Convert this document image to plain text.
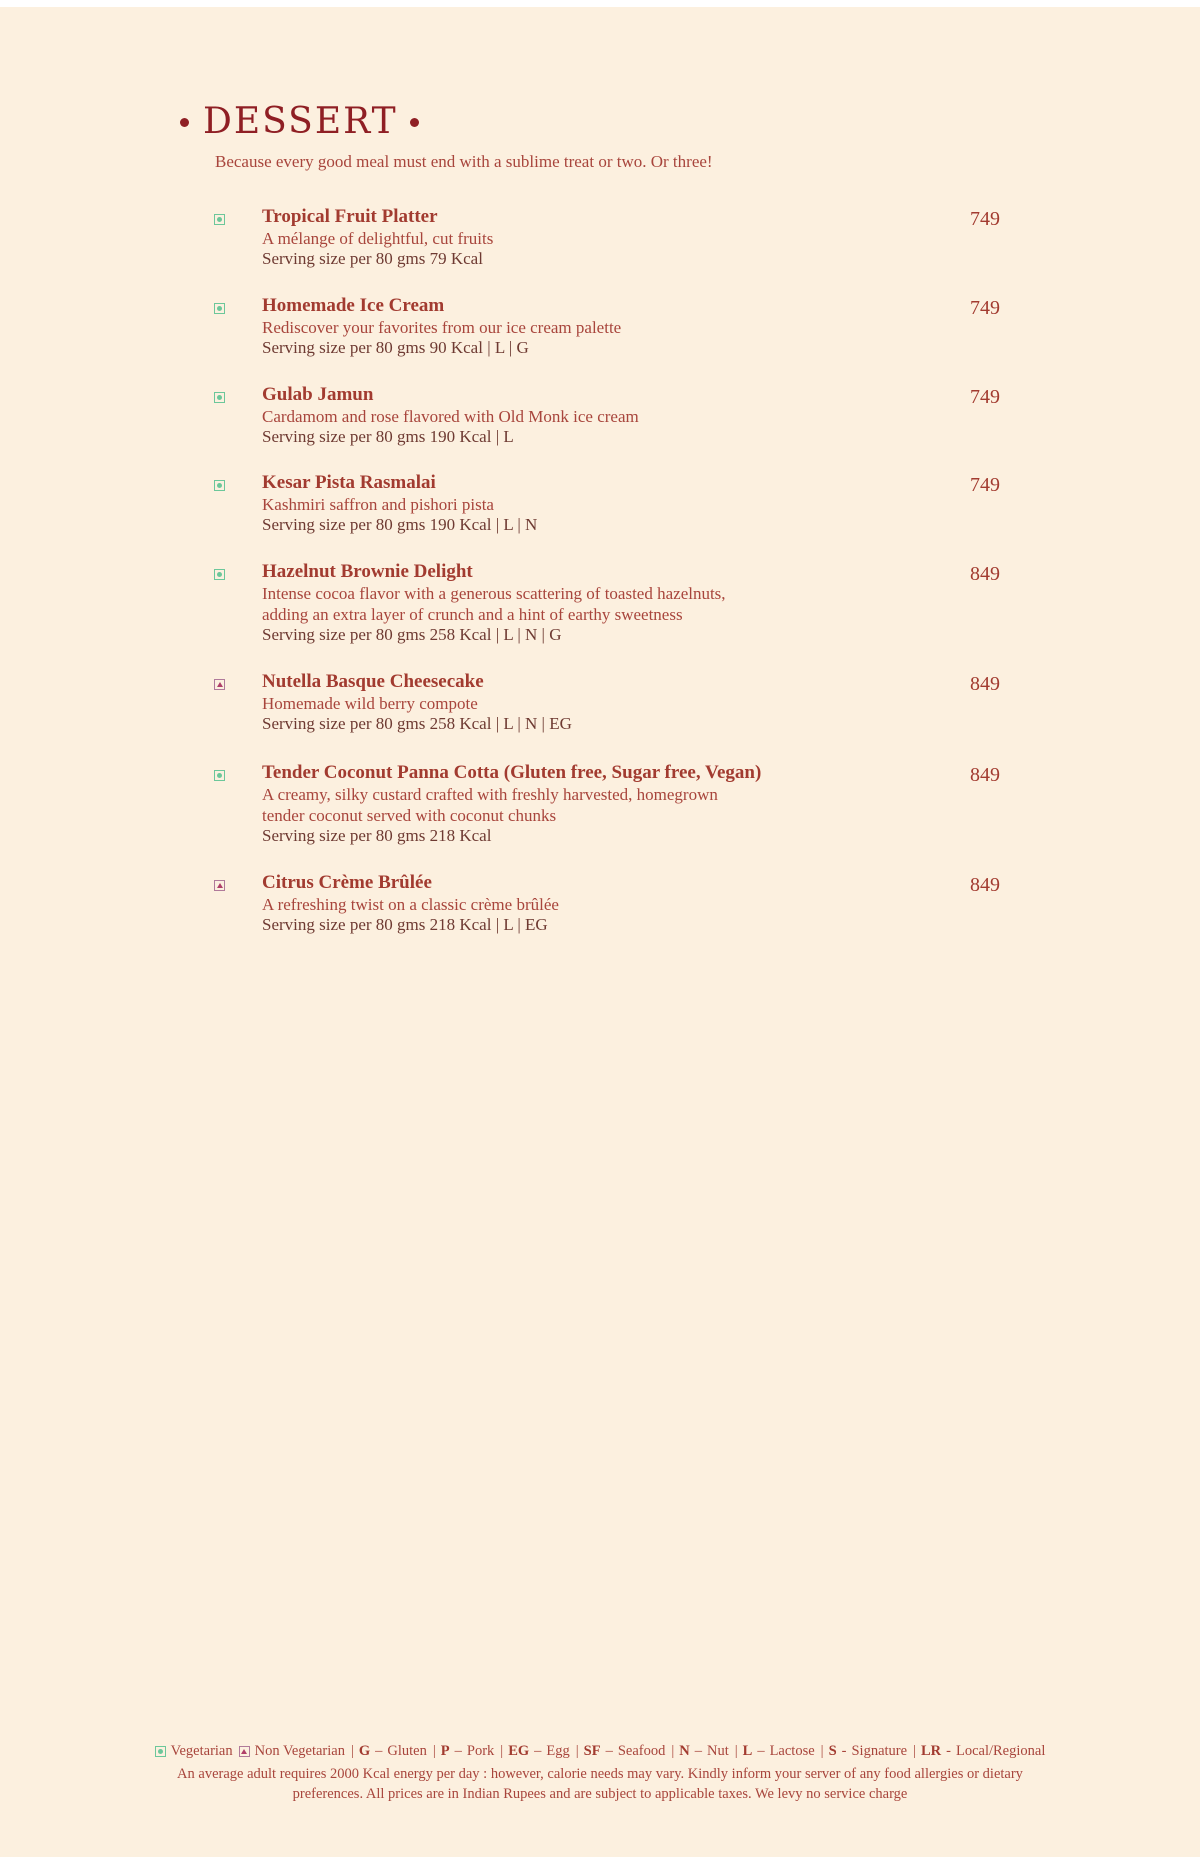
DESSERT
Because every good meal must end with a sublime treat or two. Or three!
Tropical Fruit Platter	749
A mélange of delightful, cut fruits
Serving size per 80 gms 79 Kcal
Homemade Ice Cream	749
Rediscover your favorites from our ice cream palette
Serving size per 80 gms 90 Kcal | L | G
Gulab Jamun	749
Cardamom and rose flavored with Old Monk ice cream
Serving size per 80 gms 190 Kcal | L
Kesar Pista Rasmalai	749
Kashmiri saffron and pishori pista
Serving size per 80 gms 190 Kcal | L | N
Hazelnut Brownie Delight	849
Intense cocoa flavor with a generous scattering of toasted hazelnuts,
adding an extra layer of crunch and a hint of earthy sweetness
Serving size per 80 gms 258 Kcal | L | N | G
Nutella Basque Cheesecake	849
Homemade wild berry compote
Serving size per 80 gms 258 Kcal | L | N | EG
Tender Coconut Panna Cotta (Gluten free, Sugar free, Vegan)	849
A creamy, silky custard crafted with freshly harvested, homegrown
tender coconut served with coconut chunks
Serving size per 80 gms 218 Kcal
Citrus Crème Brûlée	849
A refreshing twist on a classic crème brûlée
Serving size per 80 gms 218 Kcal | L | EG
Vegetarian Non Vegetarian | G – Gluten | P – Pork | EG – Egg | SF – Seafood | N – Nut | L – Lactose | S - Signature | LR - Local/Regional
An average adult requires 2000 Kcal energy per day : however, calorie needs may vary. Kindly inform your server of any food allergies or dietary
preferences. All prices are in Indian Rupees and are subject to applicable taxes. We levy no service charge
